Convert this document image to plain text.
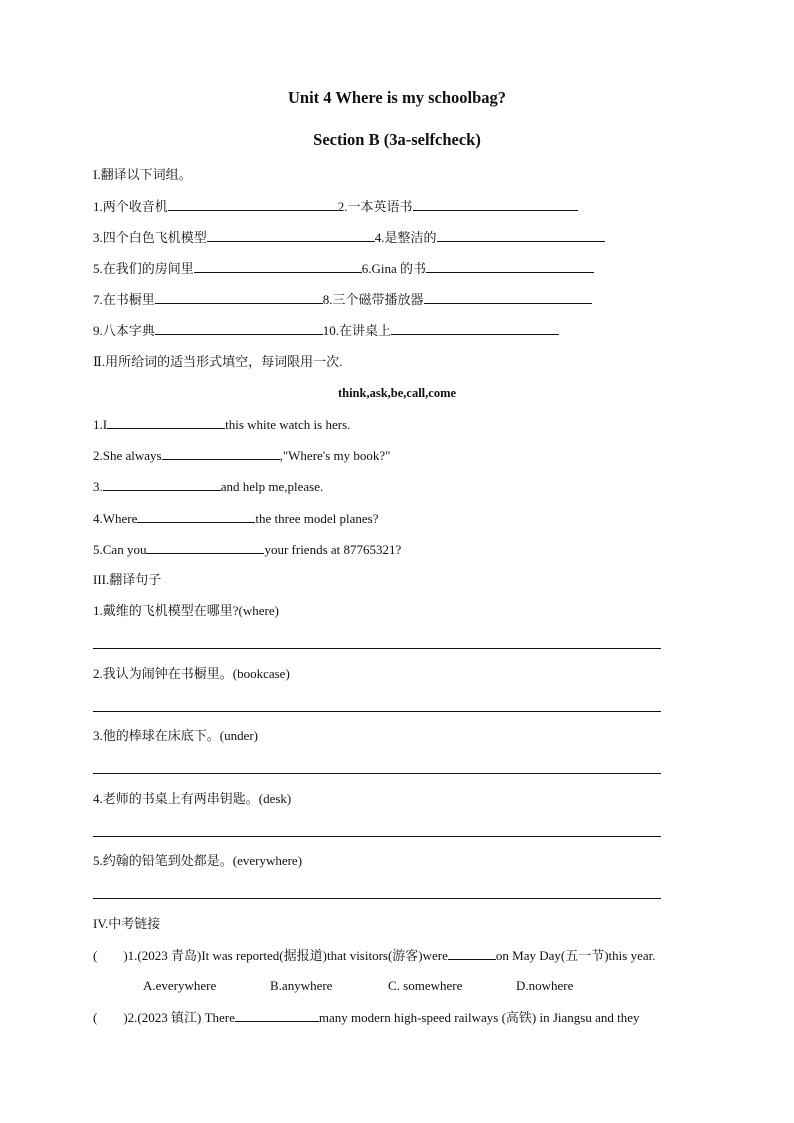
Unit 4 Where is my schoolbag?
Section B (3a-selfcheck)
I.翻译以下词组。
1.两个收音机	2.一本英语书
3.四个白色飞机模型	4.是整洁的
5.在我们的房间里	6.Gina 的书
7.在书橱里	8.三个磁带播放器
9.八本字典	10.在讲桌上
Ⅱ.用所给词的适当形式填空，每词限用一次.
think,ask,be,call,come
1.I	this white watch is hers.
2.She always	,"Where's my book?"
3.	and help me,please.
4.Where	the three model planes?
5.Can you	your friends at 87765321?
III.翻译句子
1.戴维的飞机模型在哪里?(where)
2.我认为闹钟在书橱里。(bookcase)
3.他的棒球在床底下。(under)
4.老师的书桌上有两串钥匙。(desk)
5.约翰的铅笔到处都是。(everywhere)
IV.中考链接
(        )1.(2023 青岛)It was reported(据报道)that visitors(游客)were	on May Day(五一节)this year.
A.everywhere	B.anywhere	C. somewhere	D.nowhere
(        )2.(2023 镇江) There	many modern high-speed railways (高铁) in Jiangsu and they
